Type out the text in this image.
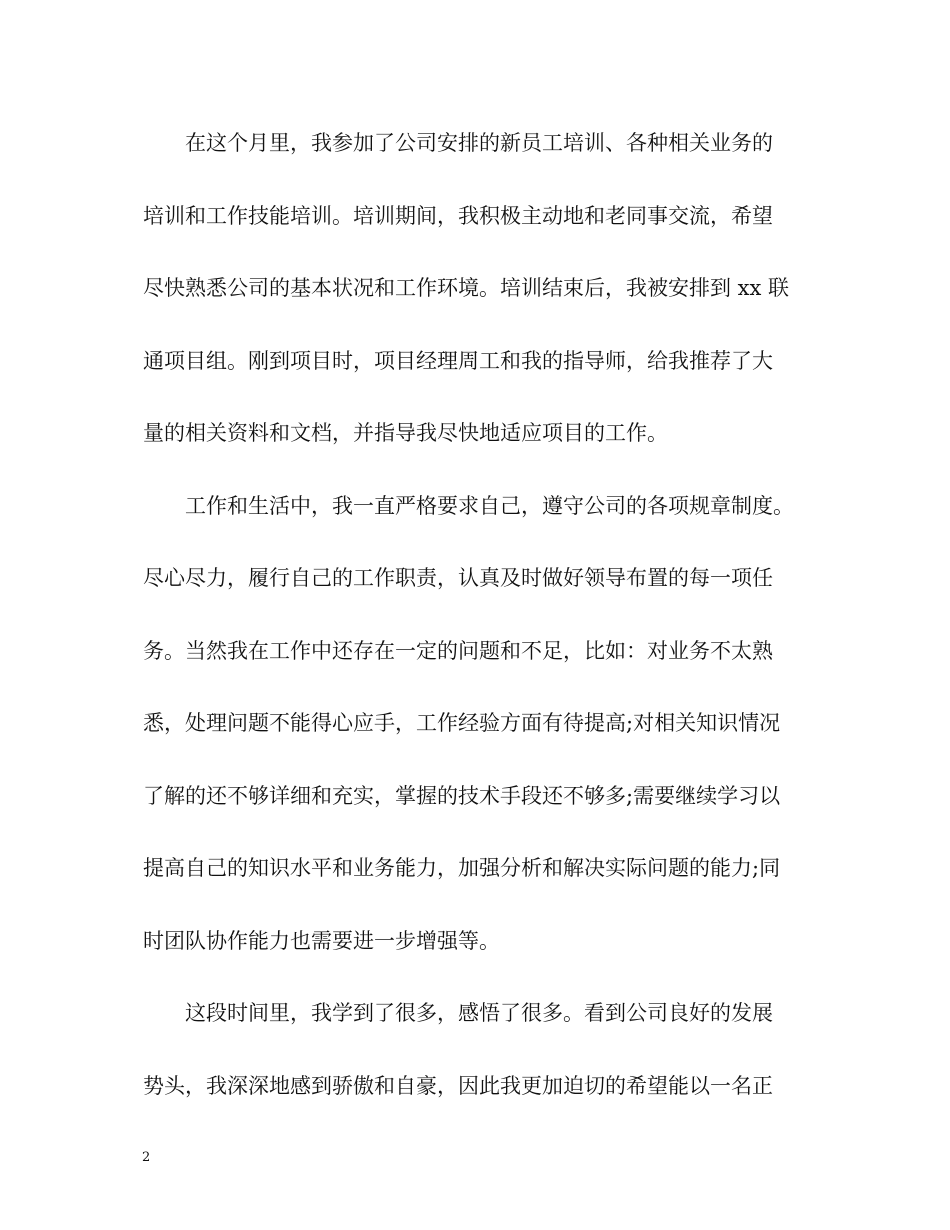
在这个月里，我参加了公司安排的新员工培训、各种相关业务的
培训和工作技能培训。培训期间，我积极主动地和老同事交流，希望
尽快熟悉公司的基本状况和工作环境。培训结束后，我被安排到 xx 联
通项目组。刚到项目时，项目经理周工和我的指导师，给我推荐了大
量的相关资料和文档，并指导我尽快地适应项目的工作。
工作和生活中，我一直严格要求自己，遵守公司的各项规章制度。
尽心尽力，履行自己的工作职责，认真及时做好领导布置的每一项任
务。当然我在工作中还存在一定的问题和不足，比如：对业务不太熟
悉，处理问题不能得心应手，工作经验方面有待提高;对相关知识情况
了解的还不够详细和充实，掌握的技术手段还不够多;需要继续学习以
提高自己的知识水平和业务能力，加强分析和解决实际问题的能力;同
时团队协作能力也需要进一步增强等。
这段时间里，我学到了很多，感悟了很多。看到公司良好的发展
势头，我深深地感到骄傲和自豪，因此我更加迫切的希望能以一名正
2
